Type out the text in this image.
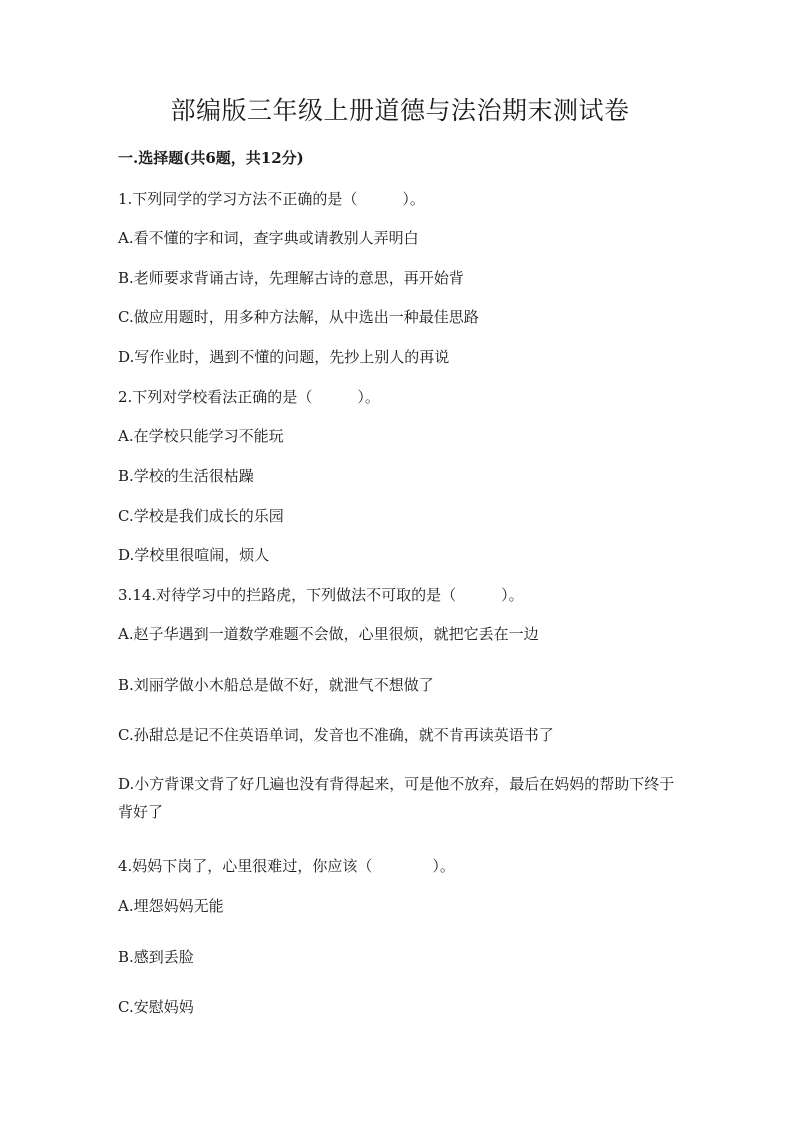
部编版三年级上册道德与法治期末测试卷
一.选择题(共6题，共12分)
1.下列同学的学习方法不正确的是（　　　）。
A.看不懂的字和词，查字典或请教别人弄明白
B.老师要求背诵古诗，先理解古诗的意思，再开始背
C.做应用题时，用多种方法解，从中选出一种最佳思路
D.写作业时，遇到不懂的问题，先抄上别人的再说
2.下列对学校看法正确的是（　　　）。
A.在学校只能学习不能玩
B.学校的生活很枯躁
C.学校是我们成长的乐园
D.学校里很喧闹，烦人
3.14.对待学习中的拦路虎，下列做法不可取的是（　　　）。
A.赵子华遇到一道数学难题不会做，心里很烦，就把它丢在一边
B.刘丽学做小木船总是做不好，就泄气不想做了
C.孙甜总是记不住英语单词，发音也不准确，就不肯再读英语书了
D.小方背课文背了好几遍也没有背得起来，可是他不放弃，最后在妈妈的帮助下终于背好了
4.妈妈下岗了，心里很难过，你应该（　　　　）。
A.埋怨妈妈无能
B.感到丢脸
C.安慰妈妈
